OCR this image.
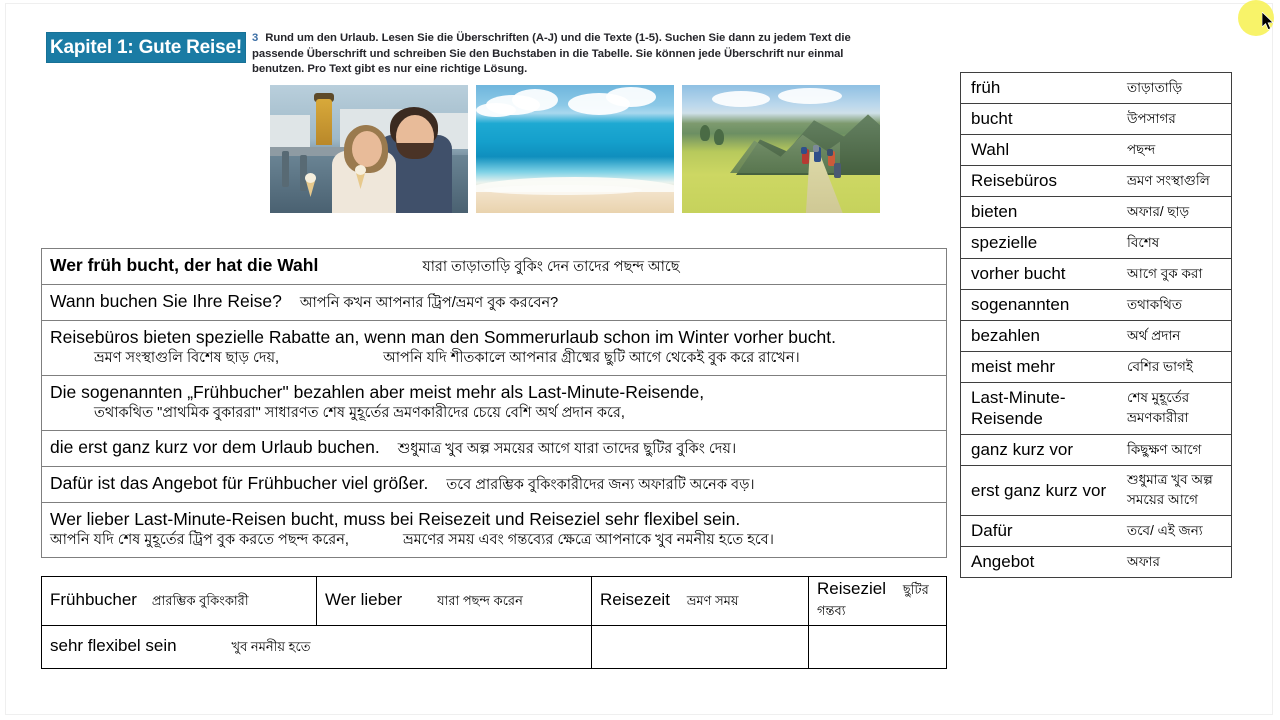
Kapitel 1: Gute Reise! 3 Rund um den Urlaub. Lesen Sie die Überschriften (A-J) und die Texte (1-5). Suchen Sie dann zu jedem Text die
passende Überschrift und schreiben Sie den Buchstaben in die Tabelle. Sie können jede Überschrift nur einmal
benutzen. Pro Text gibt es nur eine richtige Lösung.
Wer früh bucht, der hat die Wahl	যারা তাড়াতাড়ি বুকিং দেন তাদের পছন্দ আছে

Wann buchen Sie Ihre Reise? আপনি কখন আপনার ট্রিপ/ভ্রমণ বুক করবেন?

Reisebüros bieten spezielle Rabatte an, wenn man den Sommerurlaub schon im Winter vorher bucht.
ভ্রমণ সংস্থাগুলি বিশেষ ছাড় দেয়,	আপনি যদি শীতকালে আপনার গ্রীষ্মের ছুটি আগে থেকেই বুক করে রাখেন।

Die sogenannten „Frühbucher" bezahlen aber meist mehr als Last-Minute-Reisende,
তথাকথিত "প্রাথমিক বুকাররা" সাধারণত শেষ মুহূর্তের ভ্রমণকারীদের চেয়ে বেশি অর্থ প্রদান করে,

die erst ganz kurz vor dem Urlaub buchen. শুধুমাত্র খুব অল্প সময়ের আগে যারা তাদের ছুটির বুকিং দেয়।

Dafür ist das Angebot für Frühbucher viel größer. তবে প্রারম্ভিক বুকিংকারীদের জন্য অফারটি অনেক বড়।

Wer lieber Last-Minute-Reisen bucht, muss bei Reisezeit und Reiseziel sehr flexibel sein.
আপনি যদি শেষ মুহূর্তের ট্রিপ বুক করতে পছন্দ করেন,	ভ্রমণের সময় এবং গন্তব্যের ক্ষেত্রে আপনাকে খুব নমনীয় হতে হবে।
Frühbucher প্রারম্ভিক বুকিংকারী	Wer lieber যারা পছন্দ করেন	Reisezeit ভ্রমণ সময়	Reiseziel ছুটির গন্তব্য
sehr flexibel sein খুব নমনীয় হতে			
früh	তাড়াতাড়ি
bucht	উপসাগর
Wahl	পছন্দ
Reisebüros	ভ্রমণ সংস্থাগুলি
bieten	অফার/ ছাড়
spezielle	বিশেষ
vorher bucht	আগে বুক করা
sogenannten	তথাকথিত
bezahlen	অর্থ প্রদান
meist mehr	বেশির ভাগই
Last-Minute-Reisende	শেষ মুহূর্তের ভ্রমণকারীরা
ganz kurz vor	কিছুক্ষণ আগে
erst ganz kurz vor	শুধুমাত্র খুব অল্প সময়ের আগে
Dafür	তবে/ এই জন্য
Angebot	অফার
